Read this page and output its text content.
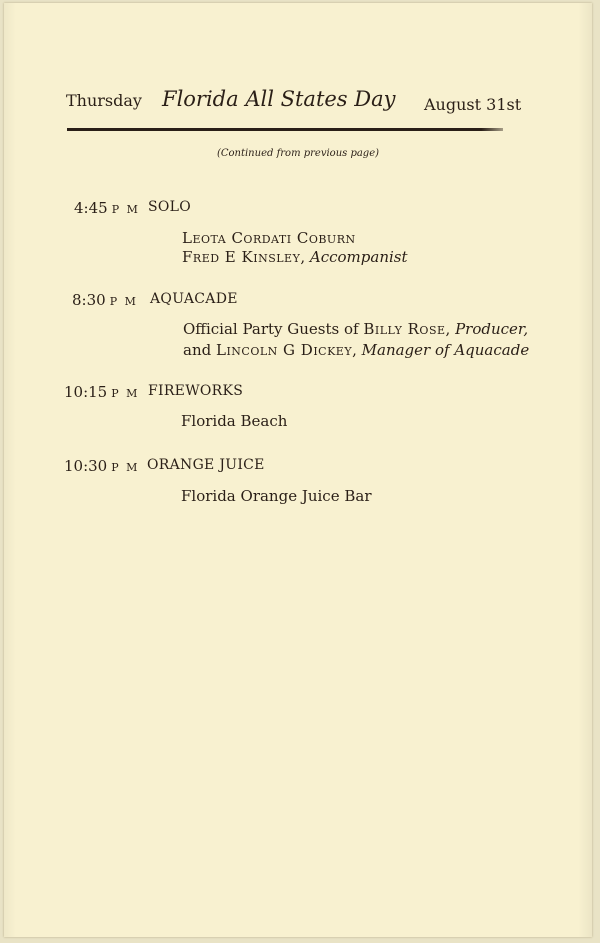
Thursday Florida All States Day August 31st
(Continued from previous page)
4:45 P M SOLO
Leota Cordati Coburn
Fred E Kinsley, Accompanist
8:30 P M AQUACADE
Official Party Guests of Billy Rose, Producer,
and Lincoln G Dickey, Manager of Aquacade
10:15 P M FIREWORKS
Florida Beach
10:30 P M ORANGE JUICE
Florida Orange Juice Bar
